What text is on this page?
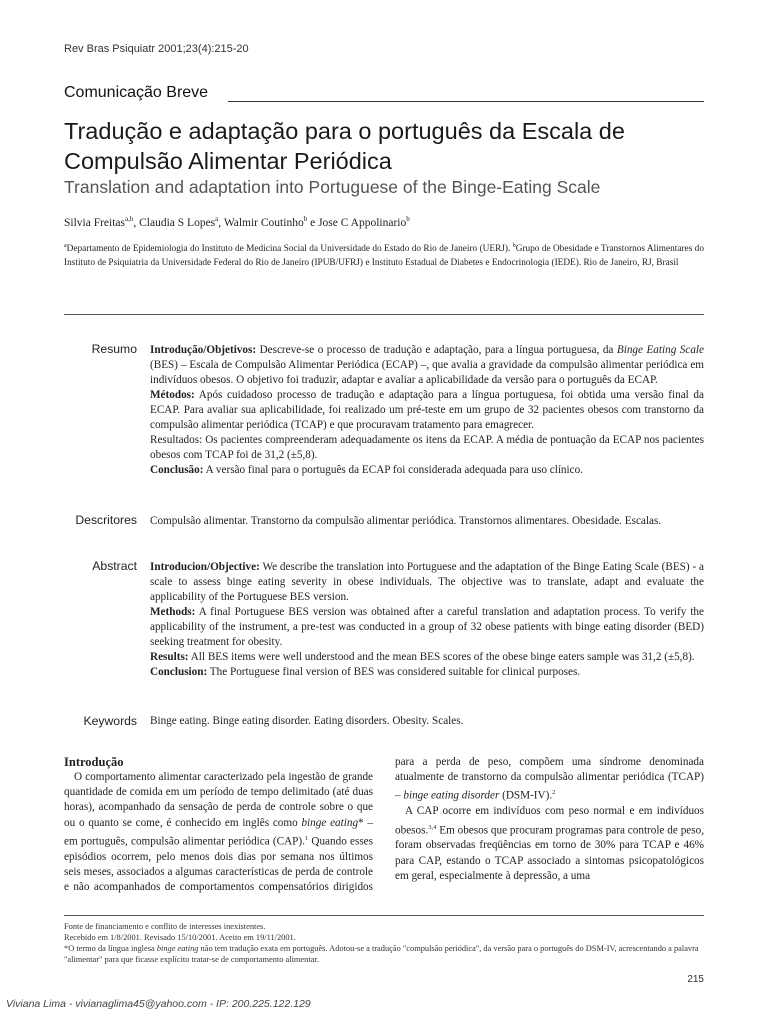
Rev Bras Psiquiatr 2001;23(4):215-20
Comunicação Breve
Tradução e adaptação para o português da Escala de Compulsão Alimentar Periódica
Translation and adaptation into Portuguese of the Binge-Eating Scale
Silvia Freitas$^{a,b}$, Claudia S Lopes$^a$, Walmir Coutinho$^b$ e Jose C Appolinario$^b$
$^a$Departamento de Epidemiologia do Instituto de Medicina Social da Universidade do Estado do Rio de Janeiro (UERJ). $^b$Grupo de Obesidade e Transtornos Alimentares do Instituto de Psiquiatria da Universidade Federal do Rio de Janeiro (IPUB/UFRJ) e Instituto Estadual de Diabetes e Endocrinologia (IEDE). Rio de Janeiro, RJ, Brasil
Resumo Introdução/Objetivos: Descreve-se o processo de tradução e adaptação, para a língua portuguesa, da Binge Eating Scale (BES) – Escala de Compulsão Alimentar Periódica (ECAP) –, que avalia a gravidade da compulsão alimentar periódica em indivíduos obesos. O objetivo foi traduzir, adaptar e avaliar a aplicabilidade da versão para o português da ECAP.

Métodos: Após cuidadoso processo de tradução e adaptação para a língua portuguesa, foi obtida uma versão final da ECAP. Para avaliar sua aplicabilidade, foi realizado um pré-teste em um grupo de 32 pacientes obesos com transtorno da compulsão alimentar periódica (TCAP) e que procuravam tratamento para emagrecer.

Resultados: Os pacientes compreenderam adequadamente os itens da ECAP. A média de pontuação da ECAP nos pacientes obesos com TCAP foi de 31,2 (±5,8).

Conclusão: A versão final para o português da ECAP foi considerada adequada para uso clínico.

Descritores Compulsão alimentar. Transtorno da compulsão alimentar periódica. Transtornos alimentares. Obesidade. Escalas.
Abstract Introducion/Objective: We describe the translation into Portuguese and the adaptation of the Binge Eating Scale (BES) - a scale to assess binge eating severity in obese individuals. The objective was to translate, adapt and evaluate the applicability of the Portuguese BES version.

Methods: A final Portuguese BES version was obtained after a careful translation and adaptation process. To verify the applicability of the instrument, a pre-test was conducted in a group of 32 obese patients with binge eating disorder (BED) seeking treatment for obesity.

Results: All BES items were well understood and the mean BES scores of the obese binge eaters sample was 31,2 (±5,8).

Conclusion: The Portuguese final version of BES was considered suitable for clinical purposes.

Keywords Binge eating. Binge eating disorder. Eating disorders. Obesity. Scales.
Introdução

O comportamento alimentar caracterizado pela ingestão de grande quantidade de comida em um período de tempo delimitado (até duas horas), acompanhado da sensação de perda de controle sobre o que ou o quanto se come, é conhecido em inglês como binge eating* – em português, compulsão alimentar periódica (CAP).$^1$ Quando esses episódios ocorrem, pelo menos dois dias por semana nos últimos seis meses, associados a algumas características de perda de controle e não acompanhados de comportamentos compensatórios dirigidos para a perda de peso, compõem uma síndrome denominada atualmente de transtorno da compulsão alimentar periódica (TCAP) – binge eating disorder (DSM-IV).$^2$

A CAP ocorre em indivíduos com peso normal e em indivíduos obesos.$^{3,4}$ Em obesos que procuram programas para controle de peso, foram observadas freqüências em torno de 30% para TCAP e 46% para CAP, estando o TCAP associado a sintomas psicopatológicos em geral, especialmente à depressão, a uma

Fonte de financiamento e conflito de interesses inexistentes.

Recebido em 1/8/2001. Revisado 15/10/2001. Aceito em 19/11/2001.

*O termo da língua inglesa binge eating não tem tradução exata em português. Adotou-se a tradução "compulsão periódica", da versão para o português do DSM-IV, acrescentando a palavra "alimentar" para que ficasse explícito tratar-se de comportamento alimentar.

215
Viviana Lima - vivianaglima45@yahoo.com - IP: 200.225.122.129
